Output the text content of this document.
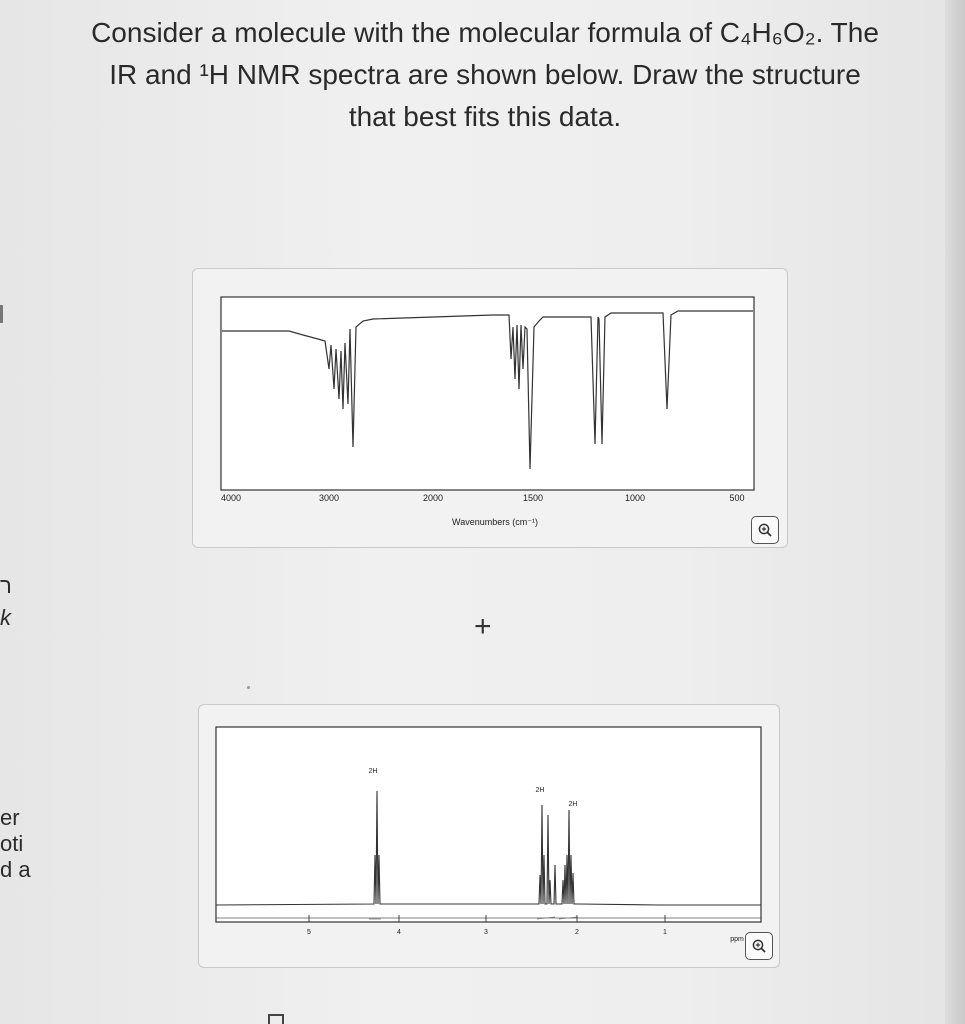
Consider a molecule with the molecular formula of C₄H₆O₂. The
IR and ¹H NMR spectra are shown below. Draw the structure
that best fits this data.
ר
k
er
oti
d a
4000	3000	2000	1500	1000	500
Wavenumbers (cm⁻¹)
+
5	4	3	2	1
ppm
2H
2H
2H
